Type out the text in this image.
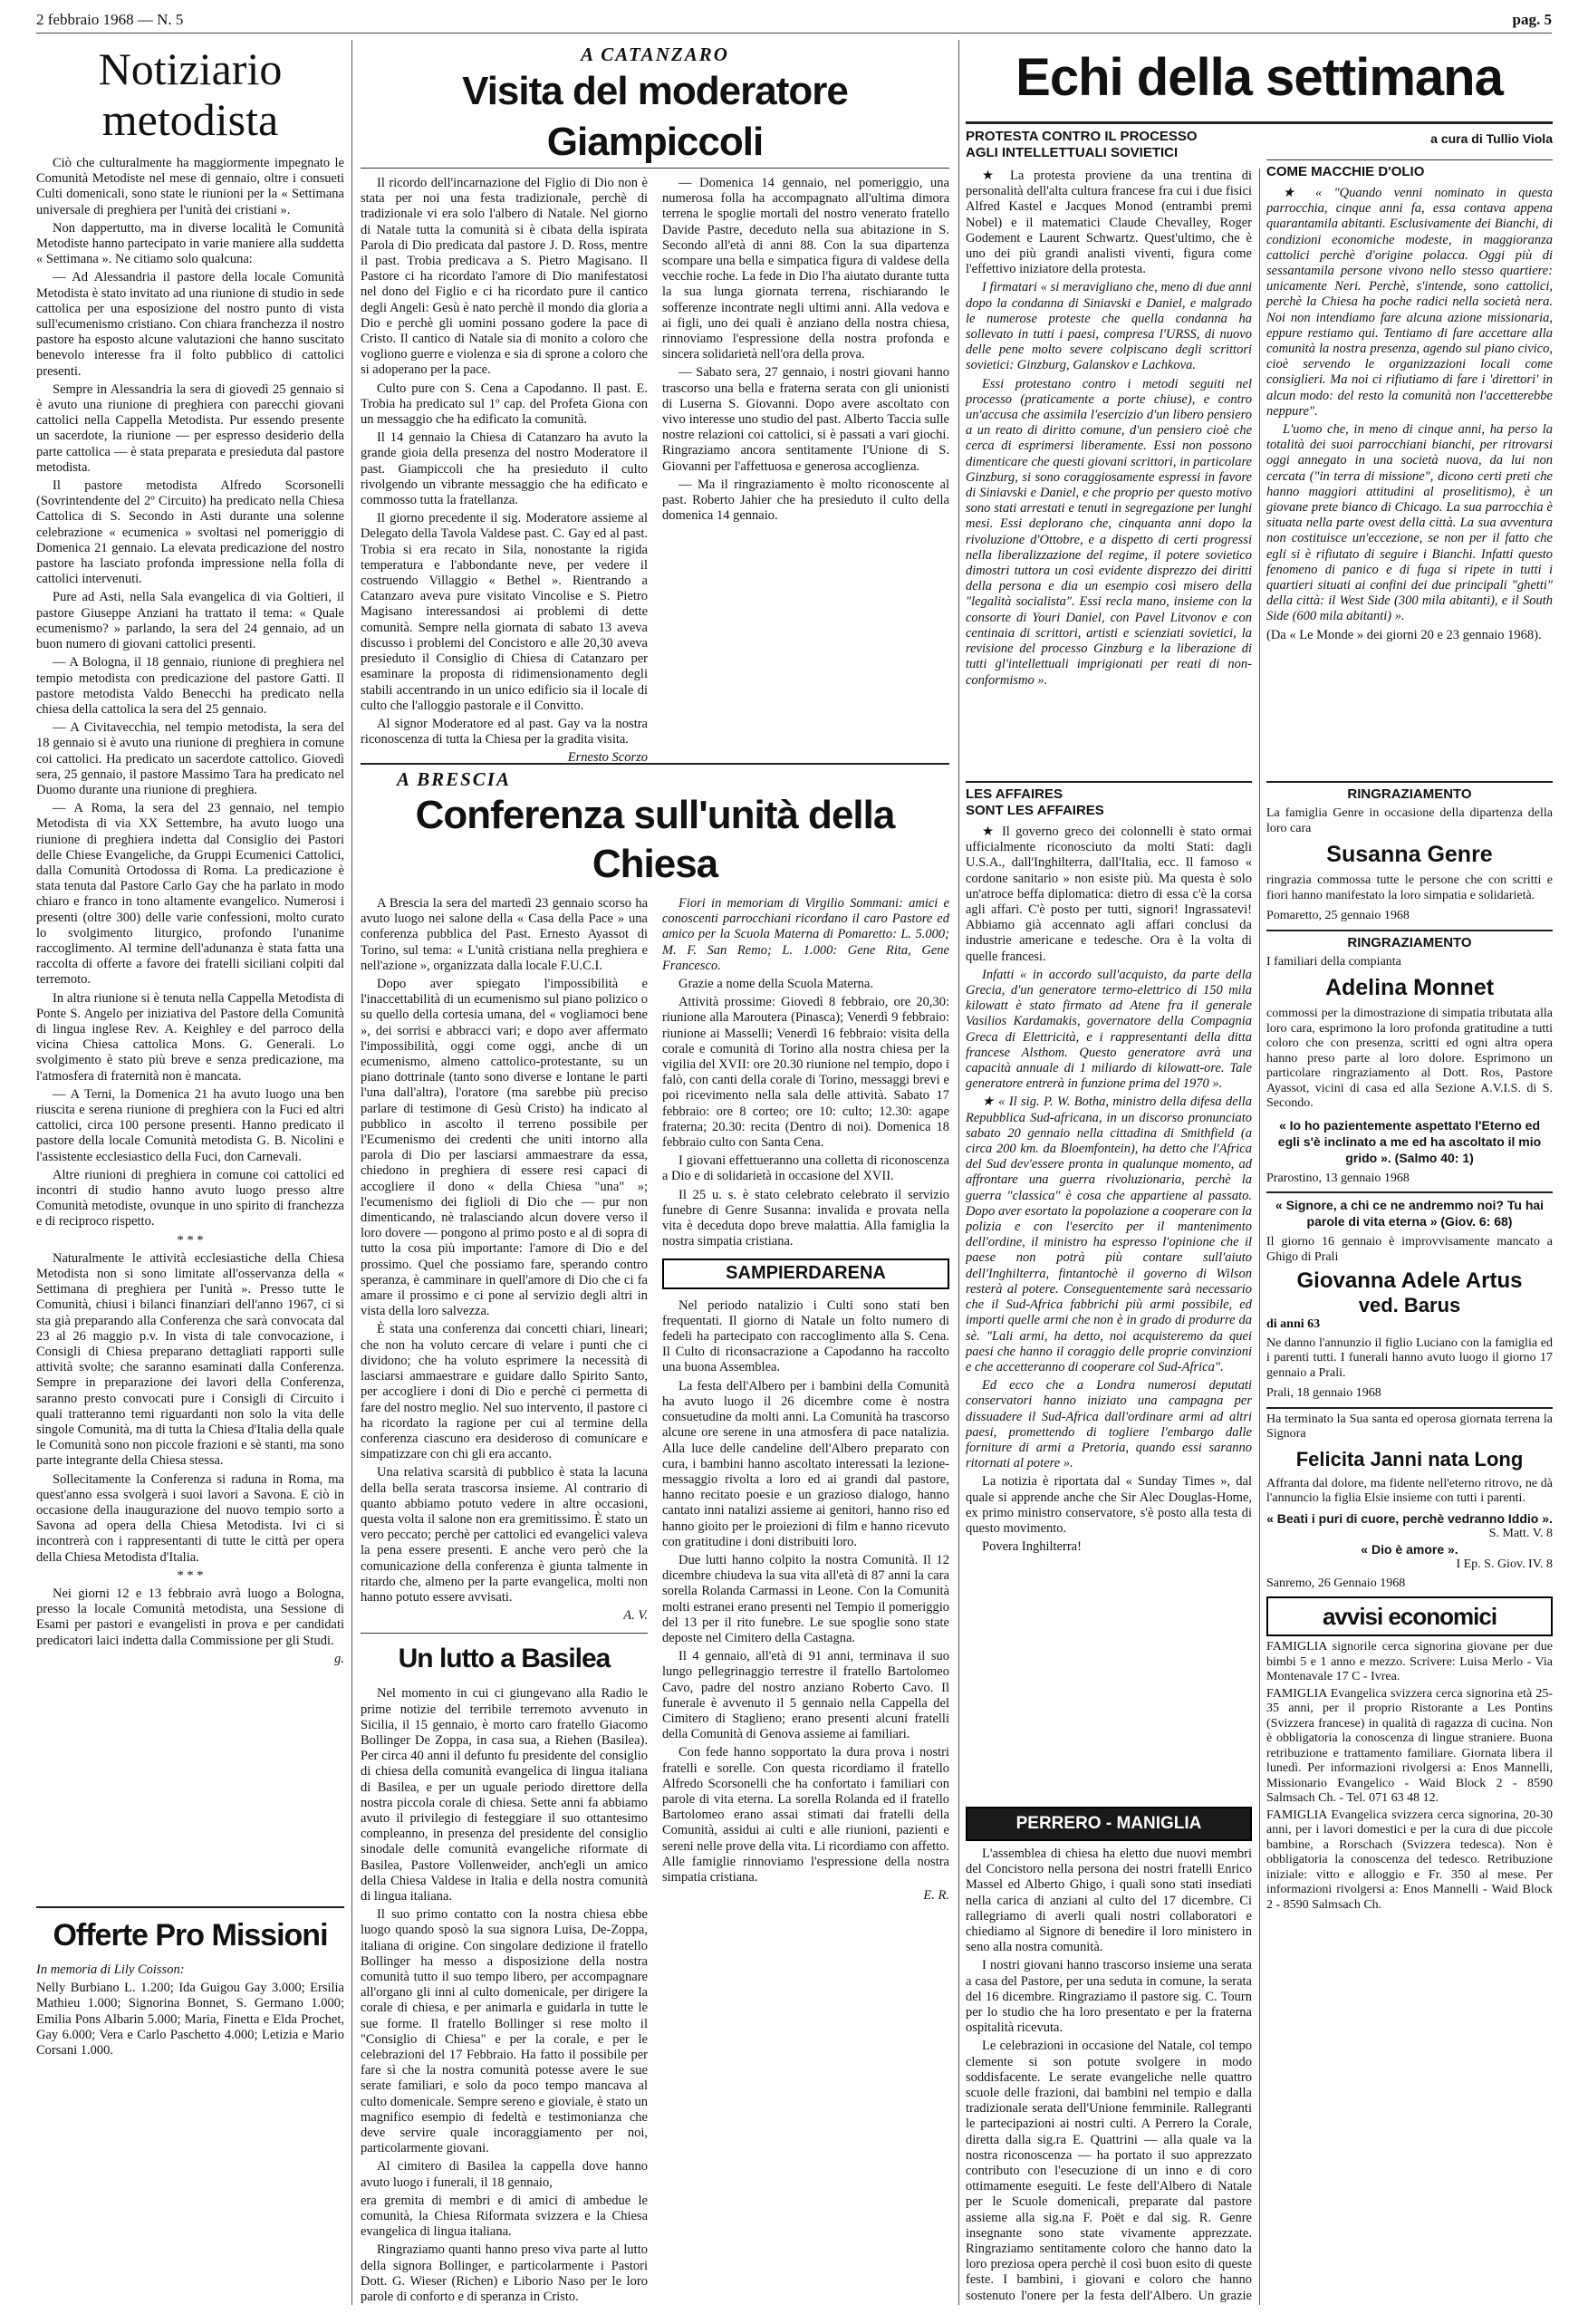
2 febbraio 1968 — N. 5	pag. 5
Notiziario
metodista

Ciò che culturalmente ha maggiormente impegnato le Comunità Metodiste nel mese di gennaio, oltre i consueti Culti domenicali, sono state le riunioni per la « Settimana universale di preghiera per l'unità dei cristiani ».

Non dappertutto, ma in diverse località le Comunità Metodiste hanno partecipato in varie maniere alla suddetta « Settimana ». Ne citiamo solo qualcuna:

— Ad Alessandria il pastore della locale Comunità Metodista è stato invitato ad una riunione di studio in sede cattolica per una esposizione del nostro punto di vista sull'ecumenismo cristiano. Con chiara franchezza il nostro pastore ha esposto alcune valutazioni che hanno suscitato benevolo interesse fra il folto pubblico di cattolici presenti.

Sempre in Alessandria la sera di giovedì 25 gennaio si è avuto una riunione di preghiera con parecchi giovani cattolici nella Cappella Metodista. Pur essendo presente un sacerdote, la riunione — per espresso desiderio della parte cattolica — è stata preparata e presieduta dal pastore metodista.

Il pastore metodista Alfredo Scorsonelli (Sovrintendente del 2º Circuito) ha predicato nella Chiesa Cattolica di S. Secondo in Asti durante una solenne celebrazione « ecumenica » svoltasi nel pomeriggio di Domenica 21 gennaio. La elevata predicazione del nostro pastore ha lasciato profonda impressione nella folla di cattolici intervenuti.

Pure ad Asti, nella Sala evangelica di via Goltieri, il pastore Giuseppe Anziani ha trattato il tema: « Quale ecumenismo? » parlando, la sera del 24 gennaio, ad un buon numero di giovani cattolici presenti.

— A Bologna, il 18 gennaio, riunione di preghiera nel tempio metodista con predicazione del pastore Gatti. Il pastore metodista Valdo Benecchi ha predicato nella chiesa della cattolica la sera del 25 gennaio.

— A Civitavecchia, nel tempio metodista, la sera del 18 gennaio si è avuto una riunione di preghiera in comune coi cattolici. Ha predicato un sacerdote cattolico. Giovedì sera, 25 gennaio, il pastore Massimo Tara ha predicato nel Duomo durante una riunione di preghiera.

— A Roma, la sera del 23 gennaio, nel tempio Metodista di via XX Settembre, ha avuto luogo una riunione di preghiera indetta dal Consiglio dei Pastori delle Chiese Evangeliche, da Gruppi Ecumenici Cattolici, dalla Comunità Ortodossa di Roma. La predicazione è stata tenuta dal Pastore Carlo Gay che ha parlato in modo chiaro e franco in tono altamente evangelico. Numerosi i presenti (oltre 300) delle varie confessioni, molto curato lo svolgimento liturgico, profondo l'unanime raccoglimento. Al termine dell'adunanza è stata fatta una raccolta di offerte a favore dei fratelli siciliani colpiti dal terremoto.

In altra riunione si è tenuta nella Cappella Metodista di Ponte S. Angelo per iniziativa del Pastore della Comunità di lingua inglese Rev. A. Keighley e del parroco della vicina Chiesa cattolica Mons. G. Generali. Lo svolgimento è stato più breve e senza predicazione, ma l'atmosfera di fraternità non è mancata.

— A Terni, la Domenica 21 ha avuto luogo una ben riuscita e serena riunione di preghiera con la Fuci ed altri cattolici, circa 100 persone presenti. Hanno predicato il pastore della locale Comunità metodista G. B. Nicolini e l'assistente ecclesiastico della Fuci, don Carnevali.

Altre riunioni di preghiera in comune coi cattolici ed incontri di studio hanno avuto luogo presso altre Comunità metodiste, ovunque in uno spirito di franchezza e di reciproco rispetto.

* * *

Naturalmente le attività ecclesiastiche della Chiesa Metodista non si sono limitate all'osservanza della « Settimana di preghiera per l'unità ». Presso tutte le Comunità, chiusi i bilanci finanziari dell'anno 1967, ci si sta già preparando alla Conferenza che sarà convocata dal 23 al 26 maggio p.v. In vista di tale convocazione, i Consigli di Chiesa preparano dettagliati rapporti sulle attività svolte; che saranno esaminati dalla Conferenza. Sempre in preparazione dei lavori della Conferenza, saranno presto convocati pure i Consigli di Circuito i quali tratteranno temi riguardanti non solo la vita delle singole Comunità, ma di tutta la Chiesa d'Italia della quale le Comunità sono non piccole frazioni e sè stanti, ma sono parte integrante della Chiesa stessa.

Sollecitamente la Conferenza si raduna in Roma, ma quest'anno essa svolgerà i suoi lavori a Savona. E ciò in occasione della inaugurazione del nuovo tempio sorto a Savona ad opera della Chiesa Metodista. Ivi ci si incontrerà con i rappresentanti di tutte le città per opera della Chiesa Metodista d'Italia.

* * *

Nei giorni 12 e 13 febbraio avrà luogo a Bologna, presso la locale Comunità metodista, una Sessione di Esami per pastori e evangelisti in prova e per candidati predicatori laici indetta dalla Commissione per gli Studi.

g.

Offerte Pro Missioni

In memoria di Lily Coisson:

Nelly Burbiano L. 1.200; Ida Guigou Gay 3.000; Ersilia Mathieu 1.000; Signorina Bonnet, S. Germano 1.000; Emilia Pons Albarin 5.000; Maria, Finetta e Elda Prochet, Gay 6.000; Vera e Carlo Paschetto 4.000; Letizia e Mario Corsani 1.000.

A CATANZARO
Visita del moderatore Giampiccoli

Il ricordo dell'incarnazione del Figlio di Dio non è stata per noi una festa tradizionale, perchè di tradizionale vi era solo l'albero di Natale. Nel giorno di Natale tutta la comunità si è cibata della ispirata Parola di Dio predicata dal pastore J. D. Ross, mentre il past. Trobia predicava a S. Pietro Magisano. Il Pastore ci ha ricordato l'amore di Dio manifestatosi nel dono del Figlio e ci ha ricordato pure il cantico degli Angeli: Gesù è nato perchè il mondo dia gloria a Dio e perchè gli uomini possano godere la pace di Cristo. Il cantico di Natale sia di monito a coloro che vogliono guerre e violenza e sia di sprone a coloro che si adoperano per la pace.

Culto pure con S. Cena a Capodanno. Il past. E. Trobia ha predicato sul 1º cap. del Profeta Giona con un messaggio che ha edificato la comunità.

Il 14 gennaio la Chiesa di Catanzaro ha avuto la grande gioia della presenza del nostro Moderatore il past. Giampiccoli che ha presieduto il culto rivolgendo un vibrante messaggio che ha edificato e commosso tutta la fratellanza.

Il giorno precedente il sig. Moderatore assieme al Delegato della Tavola Valdese past. C. Gay ed al past. Trobia si era recato in Sila, nonostante la rigida temperatura e l'abbondante neve, per vedere il costruendo Villaggio « Bethel ». Rientrando a Catanzaro aveva pure visitato Vincolise e S. Pietro Magisano interessandosi ai problemi di dette comunità. Sempre nella giornata di sabato 13 aveva discusso i problemi del Concistoro e alle 20,30 aveva presieduto il Consiglio di Chiesa di Catanzaro per esaminare la proposta di ridimensionamento degli stabili accentrando in un unico edificio sia il locale di culto che l'alloggio pastorale e il Convitto.

Al signor Moderatore ed al past. Gay va la nostra riconoscenza di tutta la Chiesa per la gradita visita.

Ernesto Scorzo

— Domenica 14 gennaio, nel pomeriggio, una numerosa folla ha accompagnato all'ultima dimora terrena le spoglie mortali del nostro venerato fratello Davide Pastre, deceduto nella sua abitazione in S. Secondo all'età di anni 88. Con la sua dipartenza scompare una bella e simpatica figura di valdese della vecchie roche. La fede in Dio l'ha aiutato durante tutta la sua lunga giornata terrena, rischiarando le sofferenze incontrate negli ultimi anni. Alla vedova e ai figli, uno dei quali è anziano della nostra chiesa, rinnoviamo l'espressione della nostra profonda e sincera solidarietà nell'ora della prova.

— Sabato sera, 27 gennaio, i nostri giovani hanno trascorso una bella e fraterna serata con gli unionisti di Luserna S. Giovanni. Dopo avere ascoltato con vivo interesse uno studio del past. Alberto Taccia sulle nostre relazioni coi cattolici, si è passati a vari giochi. Ringraziamo ancora sentitamente l'Unione di S. Giovanni per l'affettuosa e generosa accoglienza.

— Ma il ringraziamento è molto riconoscente al past. Roberto Jahier che ha presieduto il culto della domenica 14 gennaio.

A BRESCIA
Conferenza sull'unità della Chiesa

A Brescia la sera del martedì 23 gennaio scorso ha avuto luogo nei salone della « Casa della Pace » una conferenza pubblica del Past. Ernesto Ayassot di Torino, sul tema: « L'unità cristiana nella preghiera e nell'azione », organizzata dalla locale F.U.C.I.

Dopo aver spiegato l'impossibilità e l'inaccettabilità di un ecumenismo sul piano polizico o su quello della cortesia umana, del « vogliamoci bene », dei sorrisi e abbracci vari; e dopo aver affermato l'impossibilità, oggi come oggi, anche di un ecumenismo, almeno cattolico-protestante, su un piano dottrinale (tanto sono diverse e lontane le parti l'una dall'altra), l'oratore (ma sarebbe più preciso parlare di testimone di Gesù Cristo) ha indicato al pubblico in ascolto il terreno possibile per l'Ecumenismo dei credenti che uniti intorno alla parola di Dio per lasciarsi ammaestrare da essa, chiedono in preghiera di essere resi capaci di accogliere il dono « della Chiesa "una" »; l'ecumenismo dei figlioli di Dio che — pur non dimenticando, nè tralasciando alcun dovere verso il loro dovere — pongono al primo posto e al di sopra di tutto la cosa più importante: l'amore di Dio e del prossimo. Quel che possiamo fare, sperando contro speranza, è camminare in quell'amore di Dio che ci fa amare il prossimo e ci pone al servizio degli altri in vista della loro salvezza.

È stata una conferenza dai concetti chiari, lineari; che non ha voluto cercare di velare i punti che ci dividono; che ha voluto esprimere la necessità di lasciarsi ammaestrare e guidare dallo Spirito Santo, per accogliere i doni di Dio e perchè ci permetta di fare del nostro meglio. Nel suo intervento, il pastore ci ha ricordato la ragione per cui al termine della conferenza ciascuno era desideroso di comunicare e simpatizzare con chi gli era accanto.

Una relativa scarsità di pubblico è stata la lacuna della bella serata trascorsa insieme. Al contrario di quanto abbiamo potuto vedere in altre occasioni, questa volta il salone non era gremitissimo. È stato un vero peccato; perchè per cattolici ed evangelici valeva la pena essere presenti. E anche vero però che la comunicazione della conferenza è giunta talmente in ritardo che, almeno per la parte evangelica, molti non hanno potuto essere avvisati.

A. V.

Un lutto a Basilea

Nel momento in cui ci giungevano alla Radio le prime notizie del terribile terremoto avvenuto in Sicilia, il 15 gennaio, è morto caro fratello Giacomo Bollinger De Zoppa, in casa sua, a Riehen (Basilea). Per circa 40 anni il defunto fu presidente del consiglio di chiesa della comunità evangelica di lingua italiana di Basilea, e per un uguale periodo direttore della nostra piccola corale di chiesa. Sette anni fa abbiamo avuto il privilegio di festeggiare il suo ottantesimo compleanno, in presenza del presidente del consiglio sinodale delle comunità evangeliche riformate di Basilea, Pastore Vollenweider, anch'egli un amico della Chiesa Valdese in Italia e della nostra comunità di lingua italiana.

Il suo primo contatto con la nostra chiesa ebbe luogo quando sposò la sua signora Luisa, De-Zoppa, italiana di origine. Con singolare dedizione il fratello Bollinger ha messo a disposizione della nostra comunità tutto il suo tempo libero, per accompagnare all'organo gli inni al culto domenicale, per dirigere la corale di chiesa, e per animarla e guidarla in tutte le sue forme. Il fratello Bollinger si rese molto il "Consiglio di Chiesa" e per la corale, e per le celebrazioni del 17 Febbraio. Ha fatto il possibile per fare sì che la nostra comunità potesse avere le sue serate familiari, e solo da poco tempo mancava al culto domenicale. Sempre sereno e gioviale, è stato un magnifico esempio di fedeltà e testimonianza che deve servire quale incoraggiamento per noi, particolarmente giovani.

Al cimitero di Basilea la cappella dove hanno avuto luogo i funerali, il 18 gennaio,

era gremita di membri e di amici di ambedue le comunità, la Chiesa Riformata svizzera e la Chiesa evangelica di lingua italiana.

Ringraziamo quanti hanno preso viva parte al lutto della signora Bollinger, e particolarmente i Pastori Dott. G. Wieser (Richen) e Liborio Naso per le loro parole di conforto e di speranza in Cristo.

Fiori in memoriam di Virgilio Sommani: amici e conoscenti parrocchiani ricordano il caro Pastore ed amico per la Scuola Materna di Pomaretto: L. 5.000; M. F. San Remo; L. 1.000: Gene Rita, Gene Francesco.

Grazie a nome della Scuola Materna.

Attività prossime: Giovedì 8 febbraio, ore 20,30: riunione alla Maroutera (Pinasca); Venerdì 9 febbraio: riunione ai Masselli; Venerdì 16 febbraio: visita della corale e comunità di Torino alla nostra chiesa per la vigilia del XVII: ore 20.30 riunione nel tempio, dopo i falò, con canti della corale di Torino, messaggi brevi e poi ricevimento nella sala delle attività. Sabato 17 febbraio: ore 8 corteo; ore 10: culto; 12.30: agape fraterna; 20.30: recita (Dentro di noi). Domenica 18 febbraio culto con Santa Cena.

I giovani effettueranno una colletta di riconoscenza a Dio e di solidarietà in occasione del XVII.

Il 25 u. s. è stato celebrato celebrato il servizio funebre di Genre Susanna: invalida e provata nella vita è deceduta dopo breve malattia. Alla famiglia la nostra simpatia cristiana.

SAMPIERDARENA

Nel periodo natalizio i Culti sono stati ben frequentati. Il giorno di Natale un folto numero di fedeli ha partecipato con raccoglimento alla S. Cena. Il Culto di riconsacrazione a Capodanno ha raccolto una buona Assemblea.

La festa dell'Albero per i bambini della Comunità ha avuto luogo il 26 dicembre come è nostra consuetudine da molti anni. La Comunità ha trascorso alcune ore serene in una atmosfera di pace natalizia. Alla luce delle candeline dell'Albero preparato con cura, i bambini hanno ascoltato interessati la lezione-messaggio rivolta a loro ed ai grandi dal pastore, hanno recitato poesie e un grazioso dialogo, hanno cantato inni natalizi assieme ai genitori, hanno riso ed hanno gioito per le proiezioni di film e hanno ricevuto con gratitudine i doni distribuiti loro.

Due lutti hanno colpito la nostra Comunità. Il 12 dicembre chiudeva la sua vita all'età di 87 anni la cara sorella Rolanda Carmassi in Leone. Con la Comunità molti estranei erano presenti nel Tempio il pomeriggio del 13 per il rito funebre. Le sue spoglie sono state deposte nel Cimitero della Castagna.

Il 4 gennaio, all'età di 91 anni, terminava il suo lungo pellegrinaggio terrestre il fratello Bartolomeo Cavo, padre del nostro anziano Roberto Cavo. Il funerale è avvenuto il 5 gennaio nella Cappella del Cimitero di Staglieno; erano presenti alcuni fratelli della Comunità di Genova assieme ai familiari.

Con fede hanno sopportato la dura prova i nostri fratelli e sorelle. Con questa ricordiamo il fratello Alfredo Scorsonelli che ha confortato i familiari con parole di vita eterna. La sorella Rolanda ed il fratello Bartolomeo erano assai stimati dai fratelli della Comunità, assidui ai culti e alle riunioni, pazienti e sereni nelle prove della vita. Li ricordiamo con affetto. Alle famiglie rinnoviamo l'espressione della nostra simpatia cristiana.

E. R.

Echi della settimana
PROTESTA CONTRO IL PROCESSO
AGLI INTELLETTUALI SOVIETICI
a cura di Tullio Viola

★ La protesta proviene da una trentina di personalità dell'alta cultura francese fra cui i due fisici Alfred Kastel e Jacques Monod (entrambi premi Nobel) e il matematici Claude Chevalley, Roger Godement e Laurent Schwartz. Quest'ultimo, che è uno dei più grandi analisti viventi, figura come l'effettivo iniziatore della protesta.

I firmatari « si meravigliano che, meno di due anni dopo la condanna di Siniavski e Daniel, e malgrado le numerose proteste che quella condanna ha sollevato in tutti i paesi, compresa l'URSS, di nuovo delle pene molto severe colpiscano degli scrittori sovietici: Ginzburg, Galanskov e Lachkova.

Essi protestano contro i metodi seguiti nel processo (praticamente a porte chiuse), e contro un'accusa che assimila l'esercizio d'un libero pensiero a un reato di diritto comune, d'un pensiero cioè che cerca di esprimersi liberamente. Essi non possono dimenticare che questi giovani scrittori, in particolare Ginzburg, si sono coraggiosamente espressi in favore di Siniavski e Daniel, e che proprio per questo motivo sono stati arrestati e tenuti in segregazione per lunghi mesi. Essi deplorano che, cinquanta anni dopo la rivoluzione d'Ottobre, e a dispetto di certi progressi nella liberalizzazione del regime, il potere sovietico dimostri tuttora un così evidente disprezzo dei diritti della persona e dia un esempio così misero della "legalità socialista". Essi recla mano, insieme con la consorte di Youri Daniel, con Pavel Litvonov e con centinaia di scrittori, artisti e scienziati sovietici, la revisione del processo Ginzburg e la liberazione di tutti gl'intellettuali imprigionati per reati di non-conformismo ».

COME MACCHIE D'OLIO

★ « "Quando venni nominato in questa parrocchia, cinque anni fa, essa contava appena quarantamila abitanti. Esclusivamente dei Bianchi, di condizioni economiche modeste, in maggioranza cattolici perchè d'origine polacca. Oggi più di sessantamila persone vivono nello stesso quartiere: unicamente Neri. Perchè, s'intende, sono cattolici, perchè la Chiesa ha poche radici nella società nera. Noi non intendiamo fare alcuna azione missionaria, eppure restiamo qui. Tentiamo di fare accettare alla comunità la nostra presenza, agendo sul piano civico, cioè servendo le organizzazioni locali come consiglieri. Ma noi ci rifiutiamo di fare i 'direttori' in alcun modo: del resto la comunità non l'accetterebbe neppure".

L'uomo che, in meno di cinque anni, ha perso la totalità dei suoi parrocchiani bianchi, per ritrovarsi oggi annegato in una società nuova, da lui non cercata ("in terra di missione", dicono certi preti che hanno maggiori attitudini al proselitismo), è un giovane prete bianco di Chicago. La sua parrocchia è situata nella parte ovest della città. La sua avventura non costituisce un'eccezione, se non per il fatto che egli si è rifiutato di seguire i Bianchi. Infatti questo fenomeno di panico e di fuga si ripete in tutti i quartieri situati ai confini dei due principali "ghetti" della città: il West Side (300 mila abitanti), e il South Side (600 mila abitanti) ».

(Da « Le Monde » dei giorni 20 e 23 gennaio 1968).

LES AFFAIRES
SONT LES AFFAIRES

★ Il governo greco dei colonnelli è stato ormai ufficialmente riconosciuto da molti Stati: dagli U.S.A., dall'Inghilterra, dall'Italia, ecc. Il famoso « cordone sanitario » non esiste più. Ma questa è solo un'atroce beffa diplomatica: dietro di essa c'è la corsa agli affari. C'è posto per tutti, signori! Ingrassatevi! Abbiamo già accennato agli affari conclusi da industrie americane e tedesche. Ora è la volta di quelle francesi.

Infatti « in accordo sull'acquisto, da parte della Grecia, d'un generatore termo-elettrico di 150 mila kilowatt è stato firmato ad Atene fra il generale Vasilios Kardamakis, governatore della Compagnia Greca di Elettricità, e i rappresentanti della ditta francese Alsthom. Questo generatore avrà una capacità annuale di 1 miliardo di kilowatt-ore. Tale generatore entrerà in funzione prima del 1970 ».

★ « Il sig. P. W. Botha, ministro della difesa della Repubblica Sud-africana, in un discorso pronunciato sabato 20 gennaio nella cittadina di Smithfield (a circa 200 km. da Bloemfontein), ha detto che l'Africa del Sud dev'essere pronta in qualunque momento, ad affrontare una guerra rivoluzionaria, perchè la guerra "classica" è cosa che appartiene al passato. Dopo aver esortato la popolazione a cooperare con la polizia e con l'esercito per il mantenimento dell'ordine, il ministro ha espresso l'opinione che il paese non potrà più contare sull'aiuto dell'Inghilterra, fintantochè il governo di Wilson resterà al potere. Conseguentemente sarà necessario che il Sud-Africa fabbrichi più armi possibile, ed importi quelle armi che non è in grado di produrre da sè. "Lali armi, ha detto, noi acquisteremo da quei paesi che hanno il coraggio delle proprie convinzioni e che accetteranno di cooperare col Sud-Africa".

Ed ecco che a Londra numerosi deputati conservatori hanno iniziato una campagna per dissuadere il Sud-Africa dall'ordinare armi ad altri paesi, promettendo di togliere l'embargo dalle forniture di armi a Pretoria, quando essi saranno ritornati al potere ».

La notizia è riportata dal « Sunday Times », dal quale si apprende anche che Sir Alec Douglas-Home, ex primo ministro conservatore, s'è posto alla testa di questo movimento.

Povera Inghilterra!

PERRERO - MANIGLIA

L'assemblea di chiesa ha eletto due nuovi membri del Concistoro nella persona dei nostri fratelli Enrico Massel ed Alberto Ghigo, i quali sono stati insediati nella carica di anziani al culto del 17 dicembre. Ci rallegriamo di averli quali nostri collaboratori e chiediamo al Signore di benedire il loro ministero in seno alla nostra comunità.

I nostri giovani hanno trascorso insieme una serata a casa del Pastore, per una seduta in comune, la serata del 16 dicembre. Ringraziamo il pastore sig. C. Tourn per lo studio che ha loro presentato e per la fraterna ospitalità ricevuta.

Le celebrazioni in occasione del Natale, col tempo clemente si son potute svolgere in modo soddisfacente. Le serate evangeliche nelle quattro scuole delle frazioni, dai bambini nel tempio e dalla tradizionale serata dell'Unione femminile. Rallegranti le partecipazioni ai nostri culti. A Perrero la Corale, diretta dalla sig.ra E. Quattrini — alla quale va la nostra riconoscenza — ha portato il suo apprezzato contributo con l'esecuzione di un inno e di coro ottimamente eseguiti. Le feste dell'Albero di Natale per le Scuole domenicali, preparate dal pastore assieme alla sig.na F. Poët e dal sig. R. Genre insegnante sono state vivamente apprezzate. Ringraziamo sentitamente coloro che hanno dato la loro preziosa opera perchè il così buon esito di queste feste. I bambini, i giovani e coloro che hanno sostenuto l'onere per la festa dell'Albero. Un grazie

RINGRAZIAMENTO
La famiglia Genre in occasione della dipartenza della loro cara
Susanna Genre
ringrazia commossa tutte le persone che con scritti e fiori hanno manifestato la loro simpatia e solidarietà.
Pomaretto, 25 gennaio 1968
RINGRAZIAMENTO
I familiari della compianta
Adelina Monnet
commossi per la dimostrazione di simpatia tributata alla loro cara, esprimono la loro profonda gratitudine a tutti coloro che con presenza, scritti ed ogni altra opera hanno preso parte al loro dolore. Esprimono un particolare ringraziamento al Dott. Ros, Pastore Ayassot, vicini di casa ed alla Sezione A.V.I.S. di S. Secondo.
« Io ho pazientemente aspettato l'Eterno ed egli s'è inclinato a me ed ha ascoltato il mio grido ». (Salmo 40: 1)
Prarostino, 13 gennaio 1968
« Signore, a chi ce ne andremmo noi? Tu hai parole di vita eterna » (Giov. 6: 68)
Il giorno 16 gennaio è improvvisamente mancato a Ghigo di Prali
Giovanna Adele Artus
ved. Barus
di anni 63
Ne danno l'annunzio il figlio Luciano con la famiglia ed i parenti tutti. I funerali hanno avuto luogo il giorno 17 gennaio a Prali.
Prali, 18 gennaio 1968
Ha terminato la Sua santa ed operosa giornata terrena la Signora
Felicita Janni nata Long
Affranta dal dolore, ma fidente nell'eterno ritrovo, ne dà l'annuncio la figlia Elsie insieme con tutti i parenti.
« Beati i puri di cuore, perchè vedranno Iddio ».
S. Matt. V. 8
« Dio è amore ».
I Ep. S. Giov. IV. 8
Sanremo, 26 Gennaio 1968
avvisi economici

FAMIGLIA signorile cerca signorina giovane per due bimbi 5 e 1 anno e mezzo. Scrivere: Luisa Merlo - Via Montenavale 17 C - Ivrea.

FAMIGLIA Evangelica svizzera cerca signorina età 25-35 anni, per il proprio Ristorante a Les Pontins (Svizzera francese) in qualità di ragazza di cucina. Non è obbligatoria la conoscenza di lingue straniere. Buona retribuzione e trattamento familiare. Giornata libera il lunedì. Per informazioni rivolgersi a: Enos Mannelli, Missionario Evangelico - Waid Block 2 - 8590 Salmsach Ch. - Tel. 071 63 48 12.

FAMIGLIA Evangelica svizzera cerca signorina, 20-30 anni, per i lavori domestici e per la cura di due piccole bambine, a Rorschach (Svizzera tedesca). Non è obbligatoria la conoscenza del tedesco. Retribuzione iniziale: vitto e alloggio e Fr. 350 al mese. Per informazioni rivolgersi a: Enos Mannelli - Waid Block 2 - 8590 Salmsach Ch.
